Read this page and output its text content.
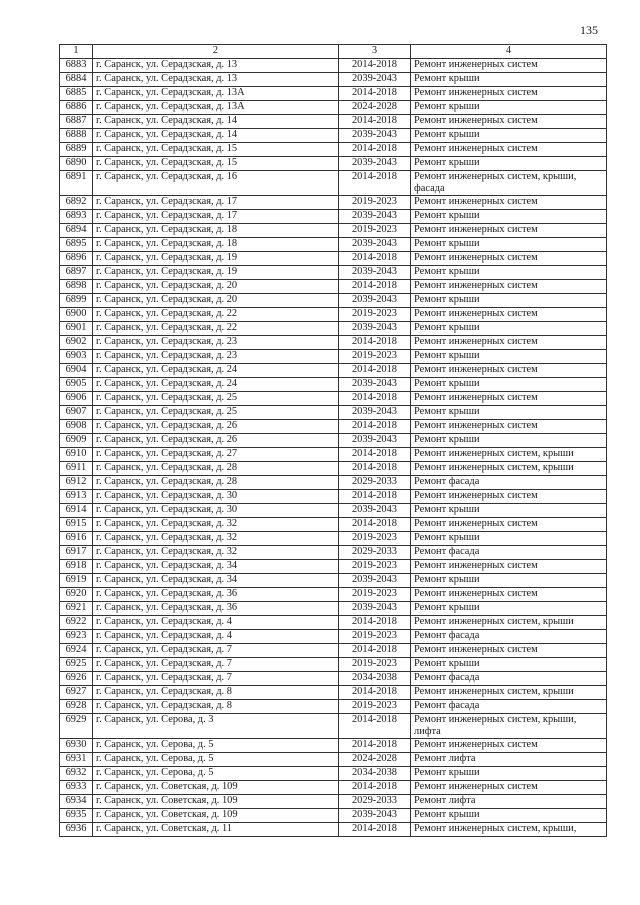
135
1	2	3	4
6883	г. Саранск, ул. Серадзская, д. 13	2014-2018	Ремонт инженерных систем
6884	г. Саранск, ул. Серадзская, д. 13	2039-2043	Ремонт крыши
6885	г. Саранск, ул. Серадзская, д. 13А	2014-2018	Ремонт инженерных систем
6886	г. Саранск, ул. Серадзская, д. 13А	2024-2028	Ремонт крыши
6887	г. Саранск, ул. Серадзская, д. 14	2014-2018	Ремонт инженерных систем
6888	г. Саранск, ул. Серадзская, д. 14	2039-2043	Ремонт крыши
6889	г. Саранск, ул. Серадзская, д. 15	2014-2018	Ремонт инженерных систем
6890	г. Саранск, ул. Серадзская, д. 15	2039-2043	Ремонт крыши
6891	г. Саранск, ул. Серадзская, д. 16	2014-2018	Ремонт инженерных систем, крыши, фасада
6892	г. Саранск, ул. Серадзская, д. 17	2019-2023	Ремонт инженерных систем
6893	г. Саранск, ул. Серадзская, д. 17	2039-2043	Ремонт крыши
6894	г. Саранск, ул. Серадзская, д. 18	2019-2023	Ремонт инженерных систем
6895	г. Саранск, ул. Серадзская, д. 18	2039-2043	Ремонт крыши
6896	г. Саранск, ул. Серадзская, д. 19	2014-2018	Ремонт инженерных систем
6897	г. Саранск, ул. Серадзская, д. 19	2039-2043	Ремонт крыши
6898	г. Саранск, ул. Серадзская, д. 20	2014-2018	Ремонт инженерных систем
6899	г. Саранск, ул. Серадзская, д. 20	2039-2043	Ремонт крыши
6900	г. Саранск, ул. Серадзская, д. 22	2019-2023	Ремонт инженерных систем
6901	г. Саранск, ул. Серадзская, д. 22	2039-2043	Ремонт крыши
6902	г. Саранск, ул. Серадзская, д. 23	2014-2018	Ремонт инженерных систем
6903	г. Саранск, ул. Серадзская, д. 23	2019-2023	Ремонт крыши
6904	г. Саранск, ул. Серадзская, д. 24	2014-2018	Ремонт инженерных систем
6905	г. Саранск, ул. Серадзская, д. 24	2039-2043	Ремонт крыши
6906	г. Саранск, ул. Серадзская, д. 25	2014-2018	Ремонт инженерных систем
6907	г. Саранск, ул. Серадзская, д. 25	2039-2043	Ремонт крыши
6908	г. Саранск, ул. Серадзская, д. 26	2014-2018	Ремонт инженерных систем
6909	г. Саранск, ул. Серадзская, д. 26	2039-2043	Ремонт крыши
6910	г. Саранск, ул. Серадзская, д. 27	2014-2018	Ремонт инженерных систем, крыши
6911	г. Саранск, ул. Серадзская, д. 28	2014-2018	Ремонт инженерных систем, крыши
6912	г. Саранск, ул. Серадзская, д. 28	2029-2033	Ремонт фасада
6913	г. Саранск, ул. Серадзская, д. 30	2014-2018	Ремонт инженерных систем
6914	г. Саранск, ул. Серадзская, д. 30	2039-2043	Ремонт крыши
6915	г. Саранск, ул. Серадзская, д. 32	2014-2018	Ремонт инженерных систем
6916	г. Саранск, ул. Серадзская, д. 32	2019-2023	Ремонт крыши
6917	г. Саранск, ул. Серадзская, д. 32	2029-2033	Ремонт фасада
6918	г. Саранск, ул. Серадзская, д. 34	2019-2023	Ремонт инженерных систем
6919	г. Саранск, ул. Серадзская, д. 34	2039-2043	Ремонт крыши
6920	г. Саранск, ул. Серадзская, д. 36	2019-2023	Ремонт инженерных систем
6921	г. Саранск, ул. Серадзская, д. 36	2039-2043	Ремонт крыши
6922	г. Саранск, ул. Серадзская, д. 4	2014-2018	Ремонт инженерных систем, крыши
6923	г. Саранск, ул. Серадзская, д. 4	2019-2023	Ремонт фасада
6924	г. Саранск, ул. Серадзская, д. 7	2014-2018	Ремонт инженерных систем
6925	г. Саранск, ул. Серадзская, д. 7	2019-2023	Ремонт крыши
6926	г. Саранск, ул. Серадзская, д. 7	2034-2038	Ремонт фасада
6927	г. Саранск, ул. Серадзская, д. 8	2014-2018	Ремонт инженерных систем, крыши
6928	г. Саранск, ул. Серадзская, д. 8	2019-2023	Ремонт фасада
6929	г. Саранск, ул. Серова, д. 3	2014-2018	Ремонт инженерных систем, крыши, лифта
6930	г. Саранск, ул. Серова, д. 5	2014-2018	Ремонт инженерных систем
6931	г. Саранск, ул. Серова, д. 5	2024-2028	Ремонт лифта
6932	г. Саранск, ул. Серова, д. 5	2034-2038	Ремонт крыши
6933	г. Саранск, ул. Советская, д. 109	2014-2018	Ремонт инженерных систем
6934	г. Саранск, ул. Советская, д. 109	2029-2033	Ремонт лифта
6935	г. Саранск, ул. Советская, д. 109	2039-2043	Ремонт крыши
6936	г. Саранск, ул. Советская, д. 11	2014-2018	Ремонт инженерных систем, крыши,
